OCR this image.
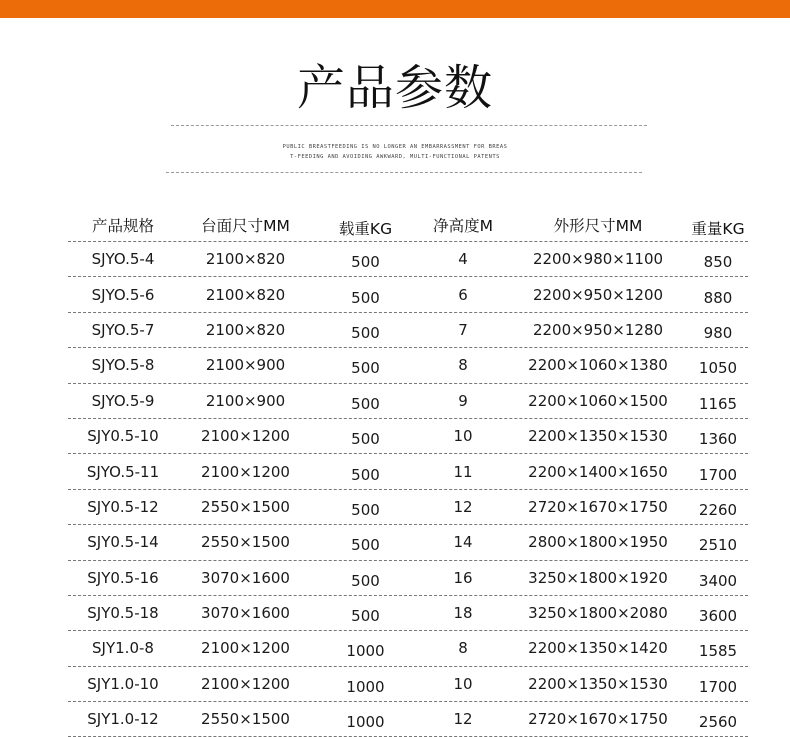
产品参数
PUBLIC BREASTFEEDING IS NO LONGER AN EMBARRASSMENT FOR BREAS
T-FEEDING AND AVOIDING AWKWARD, MULTI-FUNCTIONAL PATENTS
产品规格	台面尺寸MM	载重KG	净高度M	外形尺寸MM	重量KG
SJYO.5-4	2100×820	500	4	2200×980×1100	850
SJYO.5-6	2100×820	500	6	2200×950×1200	880
SJYO.5-7	2100×820	500	7	2200×950×1280	980
SJYO.5-8	2100×900	500	8	2200×1060×1380	1050
SJYO.5-9	2100×900	500	9	2200×1060×1500	1165
SJY0.5-10	2100×1200	500	10	2200×1350×1530	1360
SJYO.5-11	2100×1200	500	11	2200×1400×1650	1700
SJY0.5-12	2550×1500	500	12	2720×1670×1750	2260
SJY0.5-14	2550×1500	500	14	2800×1800×1950	2510
SJY0.5-16	3070×1600	500	16	3250×1800×1920	3400
SJY0.5-18	3070×1600	500	18	3250×1800×2080	3600
SJY1.0-8	2100×1200	1000	8	2200×1350×1420	1585
SJY1.0-10	2100×1200	1000	10	2200×1350×1530	1700
SJY1.0-12	2550×1500	1000	12	2720×1670×1750	2560
